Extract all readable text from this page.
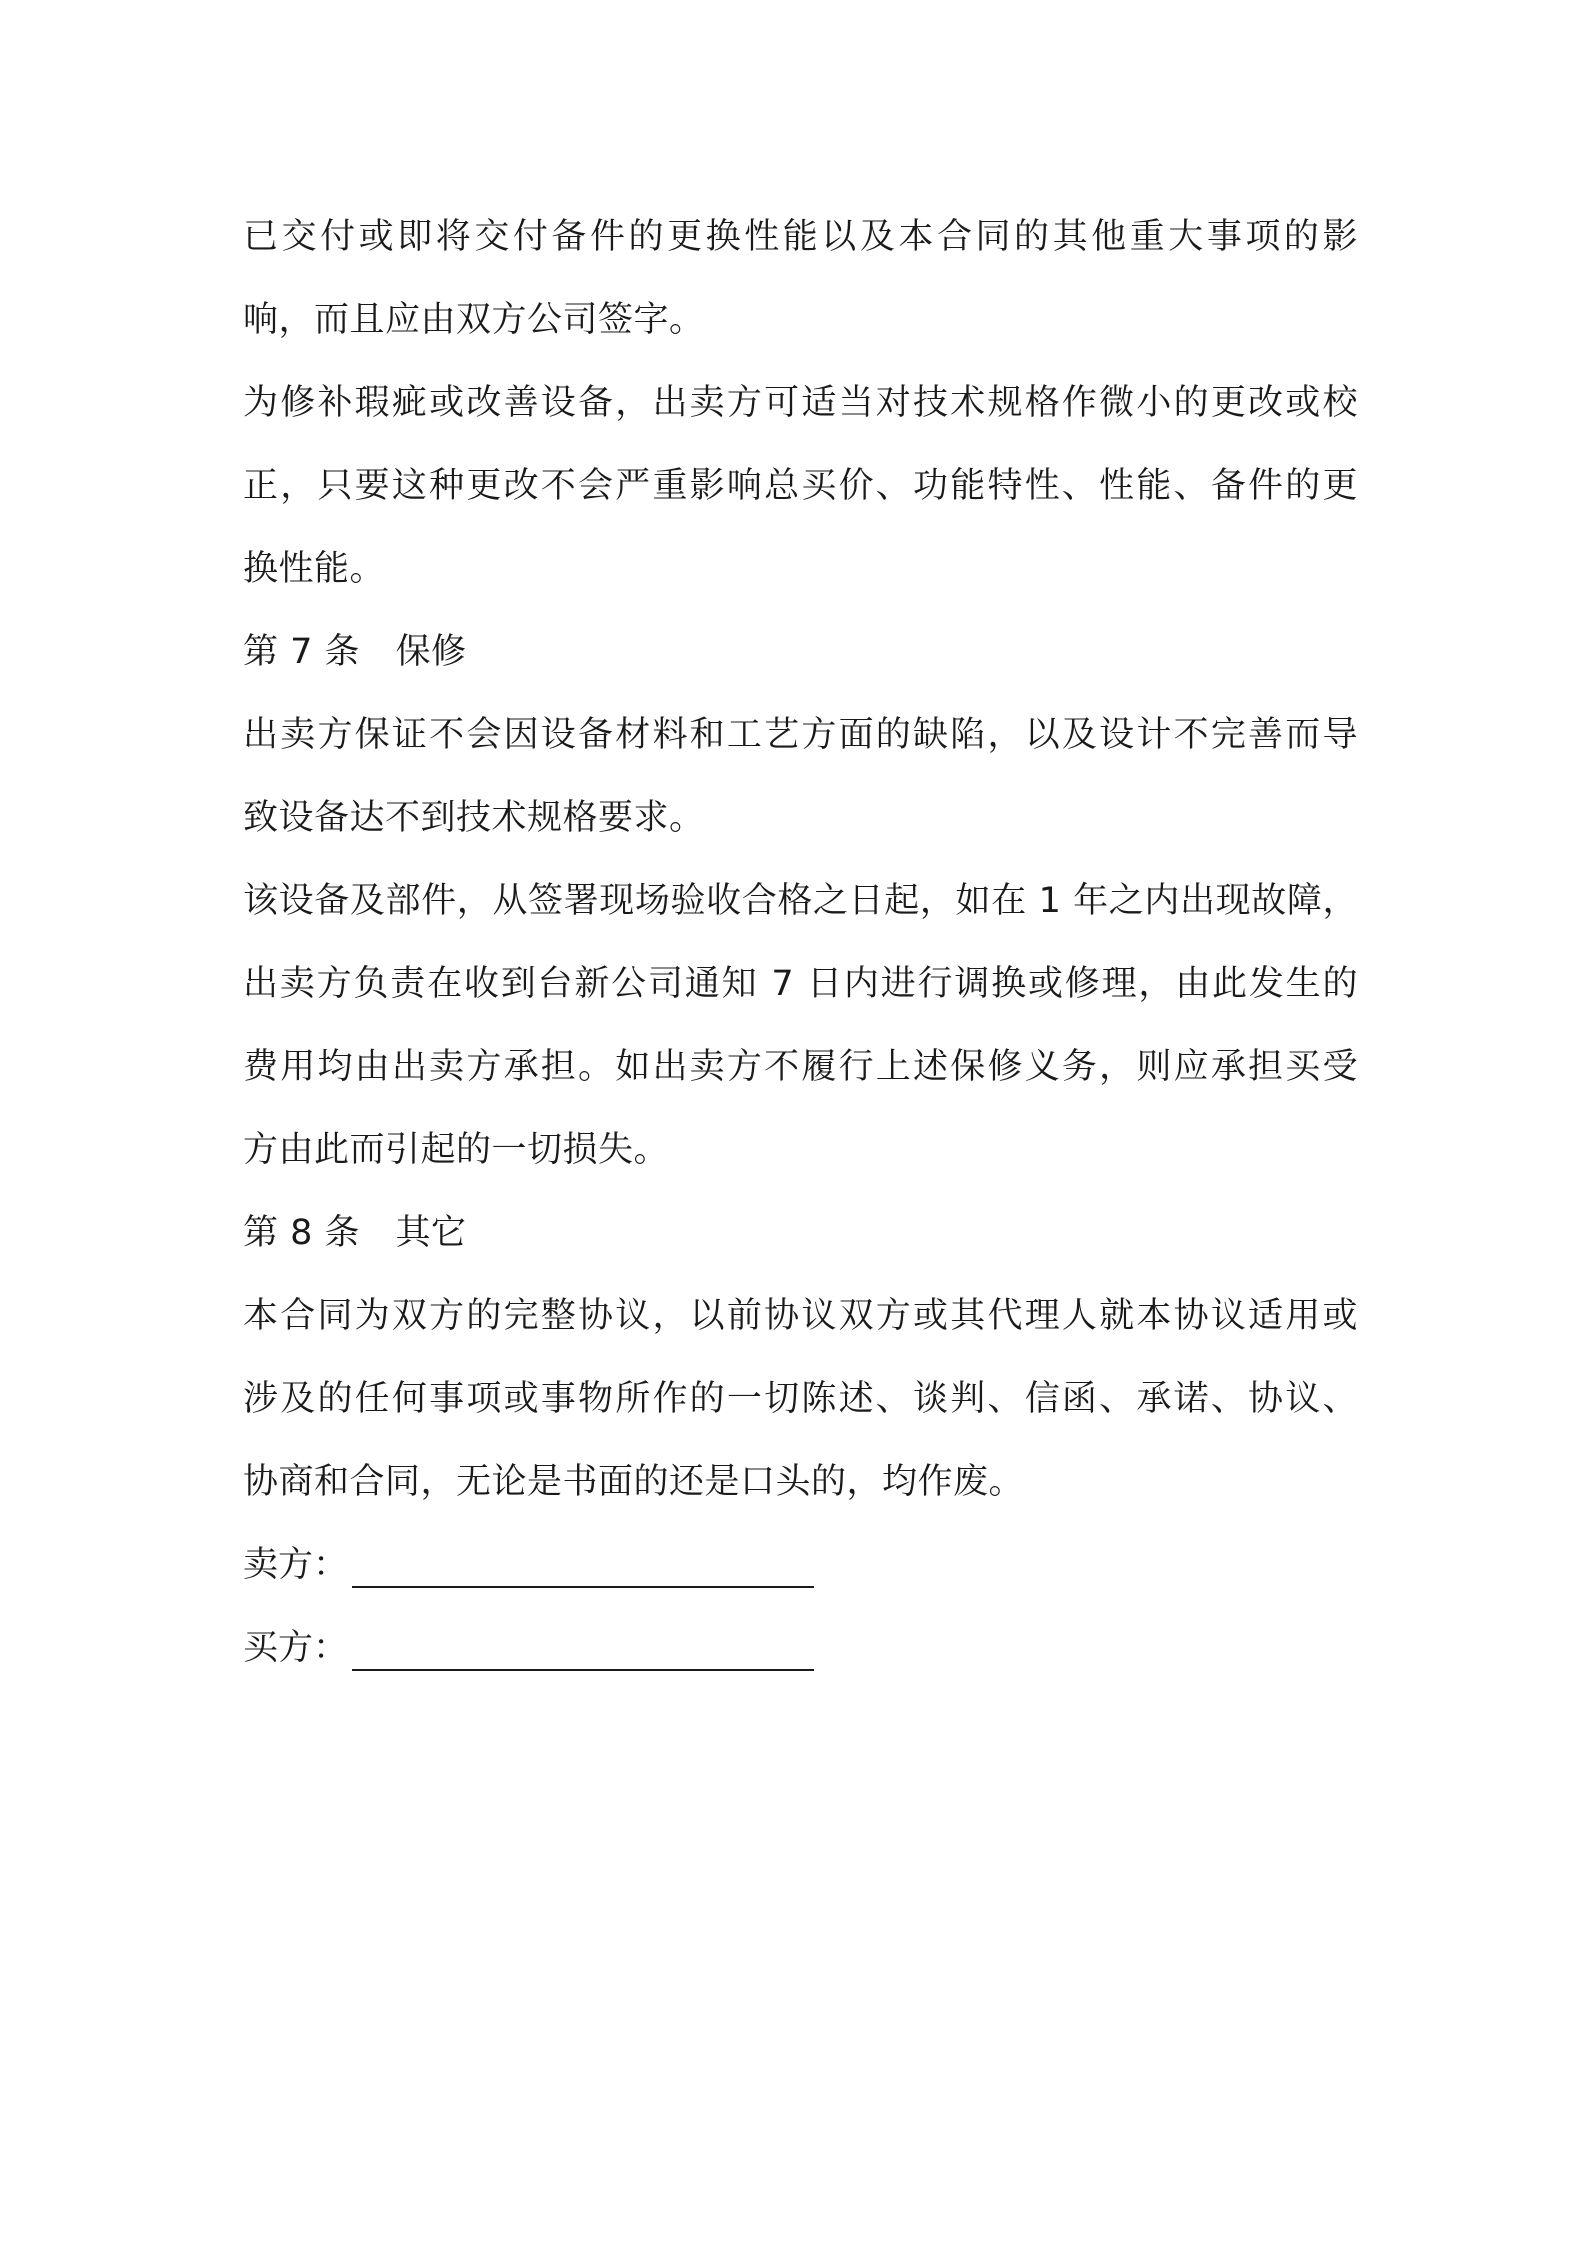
已交付或即将交付备件的更换性能以及本合同的其他重大事项的影
响，而且应由双方公司签字。
为修补瑕疵或改善设备，出卖方可适当对技术规格作微小的更改或校
正，只要这种更改不会严重影响总买价、功能特性、性能、备件的更
换性能。
第 7 条　保修
出卖方保证不会因设备材料和工艺方面的缺陷，以及设计不完善而导
致设备达不到技术规格要求。
该设备及部件，从签署现场验收合格之日起，如在 1 年之内出现故障，
出卖方负责在收到台新公司通知 7 日内进行调换或修理，由此发生的
费用均由出卖方承担。如出卖方不履行上述保修义务，则应承担买受
方由此而引起的一切损失。
第 8 条　其它
本合同为双方的完整协议，以前协议双方或其代理人就本协议适用或
涉及的任何事项或事物所作的一切陈述、谈判、信函、承诺、协议、
协商和合同，无论是书面的还是口头的，均作废。
卖方：
买方：
